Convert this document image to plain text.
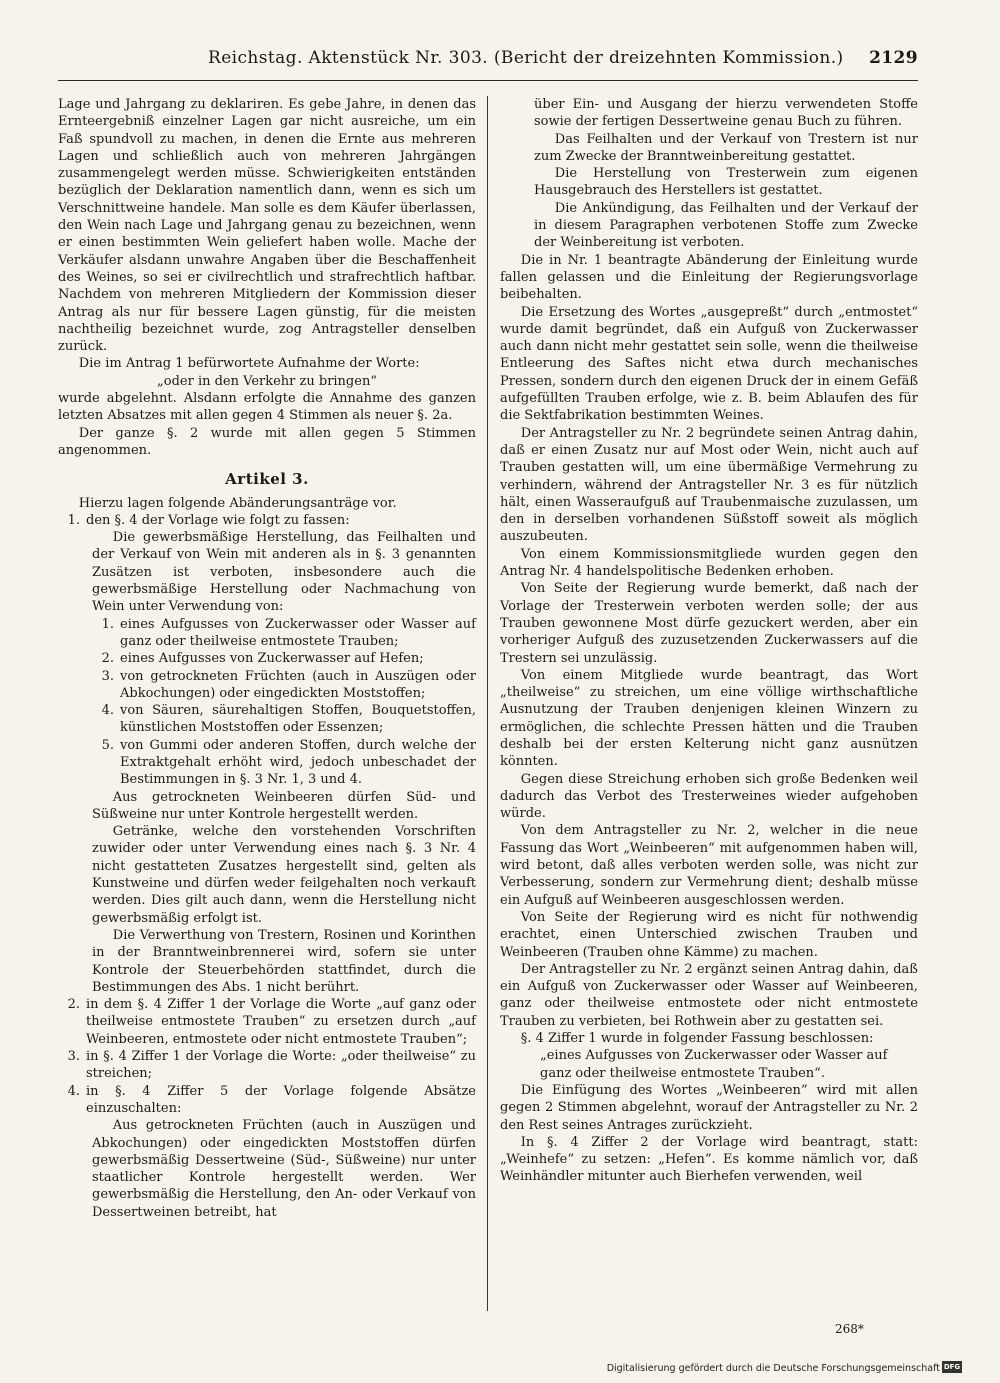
Reichstag. Aktenstück Nr. 303. (Bericht der dreizehnten Kommission.) 2129

Lage und Jahrgang zu deklariren. Es gebe Jahre, in denen das Ernteergebniß einzelner Lagen gar nicht ausreiche, um ein Faß spundvoll zu machen, in denen die Ernte aus mehreren Lagen und schließlich auch von mehreren Jahrgängen zusammengelegt werden müsse. Schwierigkeiten entständen bezüglich der Deklaration namentlich dann, wenn es sich um Verschnittweine handele. Man solle es dem Käufer überlassen, den Wein nach Lage und Jahrgang genau zu bezeichnen, wenn er einen bestimmten Wein geliefert haben wolle. Mache der Verkäufer alsdann unwahre Angaben über die Beschaffenheit des Weines, so sei er civilrechtlich und strafrechtlich haftbar. Nachdem von mehreren Mitgliedern der Kommission dieser Antrag als nur für bessere Lagen günstig, für die meisten nachtheilig bezeichnet wurde, zog Antragsteller denselben zurück.

Die im Antrag 1 befürwortete Aufnahme der Worte:

„oder in den Verkehr zu bringen“

wurde abgelehnt. Alsdann erfolgte die Annahme des ganzen letzten Absatzes mit allen gegen 4 Stimmen als neuer §. 2a.

Der ganze §. 2 wurde mit allen gegen 5 Stimmen angenommen.

Artikel 3.

Hierzu lagen folgende Abänderungsanträge vor.

1. den §. 4 der Vorlage wie folgt zu fassen:

Die gewerbsmäßige Herstellung, das Feilhalten und der Verkauf von Wein mit anderen als in §. 3 genannten Zusätzen ist verboten, insbesondere auch die gewerbsmäßige Herstellung oder Nachmachung von Wein unter Verwendung von:

1. eines Aufgusses von Zuckerwasser oder Wasser auf ganz oder theilweise entmostete Trauben;
2. eines Aufgusses von Zuckerwasser auf Hefen;
3. von getrockneten Früchten (auch in Auszügen oder Abkochungen) oder eingedickten Moststoffen;
4. von Säuren, säurehaltigen Stoffen, Bouquetstoffen, künstlichen Moststoffen oder Essenzen;
5. von Gummi oder anderen Stoffen, durch welche der Extraktgehalt erhöht wird, jedoch unbeschadet der Bestimmungen in §. 3 Nr. 1, 3 und 4.

Aus getrockneten Weinbeeren dürfen Süd- und Süßweine nur unter Kontrole hergestellt werden.

Getränke, welche den vorstehenden Vorschriften zuwider oder unter Verwendung eines nach §. 3 Nr. 4 nicht gestatteten Zusatzes hergestellt sind, gelten als Kunstweine und dürfen weder feilgehalten noch verkauft werden. Dies gilt auch dann, wenn die Herstellung nicht gewerbsmäßig erfolgt ist.

Die Verwerthung von Trestern, Rosinen und Korinthen in der Branntweinbrennerei wird, sofern sie unter Kontrole der Steuerbehörden stattfindet, durch die Bestimmungen des Abs. 1 nicht berührt.

2. in dem §. 4 Ziffer 1 der Vorlage die Worte „auf ganz oder theilweise entmostete Trauben“ zu ersetzen durch „auf Weinbeeren, entmostete oder nicht entmostete Trauben“;
3. in §. 4 Ziffer 1 der Vorlage die Worte: „oder theilweise“ zu streichen;
4. in §. 4 Ziffer 5 der Vorlage folgende Absätze einzuschalten:

Aus getrockneten Früchten (auch in Auszügen und Abkochungen) oder eingedickten Moststoffen dürfen gewerbsmäßig Dessertweine (Süd-, Süßweine) nur unter staatlicher Kontrole hergestellt werden. Wer gewerbsmäßig die Herstellung, den An- oder Verkauf von Dessertweinen betreibt, hat

über Ein- und Ausgang der hierzu verwendeten Stoffe sowie der fertigen Dessertweine genau Buch zu führen.

Das Feilhalten und der Verkauf von Trestern ist nur zum Zwecke der Branntweinbereitung gestattet.

Die Herstellung von Tresterwein zum eigenen Hausgebrauch des Herstellers ist gestattet.

Die Ankündigung, das Feilhalten und der Verkauf der in diesem Paragraphen verbotenen Stoffe zum Zwecke der Weinbereitung ist verboten.

Die in Nr. 1 beantragte Abänderung der Einleitung wurde fallen gelassen und die Einleitung der Regierungsvorlage beibehalten.

Die Ersetzung des Wortes „ausgepreßt“ durch „entmostet“ wurde damit begründet, daß ein Aufguß von Zuckerwasser auch dann nicht mehr gestattet sein solle, wenn die theilweise Entleerung des Saftes nicht etwa durch mechanisches Pressen, sondern durch den eigenen Druck der in einem Gefäß aufgefüllten Trauben erfolge, wie z. B. beim Ablaufen des für die Sektfabrikation bestimmten Weines.

Der Antragsteller zu Nr. 2 begründete seinen Antrag dahin, daß er einen Zusatz nur auf Most oder Wein, nicht auch auf Trauben gestatten will, um eine übermäßige Vermehrung zu verhindern, während der Antragsteller Nr. 3 es für nützlich hält, einen Wasseraufguß auf Traubenmaische zuzulassen, um den in derselben vorhandenen Süßstoff soweit als möglich auszubeuten.

Von einem Kommissionsmitgliede wurden gegen den Antrag Nr. 4 handelspolitische Bedenken erhoben.

Von Seite der Regierung wurde bemerkt, daß nach der Vorlage der Tresterwein verboten werden solle; der aus Trauben gewonnene Most dürfe gezuckert werden, aber ein vorheriger Aufguß des zuzusetzenden Zuckerwassers auf die Trestern sei unzulässig.

Von einem Mitgliede wurde beantragt, das Wort „theilweise“ zu streichen, um eine völlige wirthschaftliche Ausnutzung der Trauben denjenigen kleinen Winzern zu ermöglichen, die schlechte Pressen hätten und die Trauben deshalb bei der ersten Kelterung nicht ganz ausnützen könnten.

Gegen diese Streichung erhoben sich große Bedenken weil dadurch das Verbot des Tresterweines wieder aufgehoben würde.

Von dem Antragsteller zu Nr. 2, welcher in die neue Fassung das Wort „Weinbeeren“ mit aufgenommen haben will, wird betont, daß alles verboten werden solle, was nicht zur Verbesserung, sondern zur Vermehrung dient; deshalb müsse ein Aufguß auf Weinbeeren ausgeschlossen werden.

Von Seite der Regierung wird es nicht für nothwendig erachtet, einen Unterschied zwischen Trauben und Weinbeeren (Trauben ohne Kämme) zu machen.

Der Antragsteller zu Nr. 2 ergänzt seinen Antrag dahin, daß ein Aufguß von Zuckerwasser oder Wasser auf Weinbeeren, ganz oder theilweise entmostete oder nicht entmostete Trauben zu verbieten, bei Rothwein aber zu gestatten sei.

§. 4 Ziffer 1 wurde in folgender Fassung beschlossen:

„eines Aufgusses von Zuckerwasser oder Wasser auf ganz oder theilweise entmostete Trauben“.

Die Einfügung des Wortes „Weinbeeren“ wird mit allen gegen 2 Stimmen abgelehnt, worauf der Antragsteller zu Nr. 2 den Rest seines Antrages zurückzieht.

In §. 4 Ziffer 2 der Vorlage wird beantragt, statt: „Weinhefe“ zu setzen: „Hefen“. Es komme nämlich vor, daß Weinhändler mitunter auch Bierhefen verwenden, weil

268*
Digitalisierung gefördert durch die Deutsche Forschungsgemeinschaft DFG
